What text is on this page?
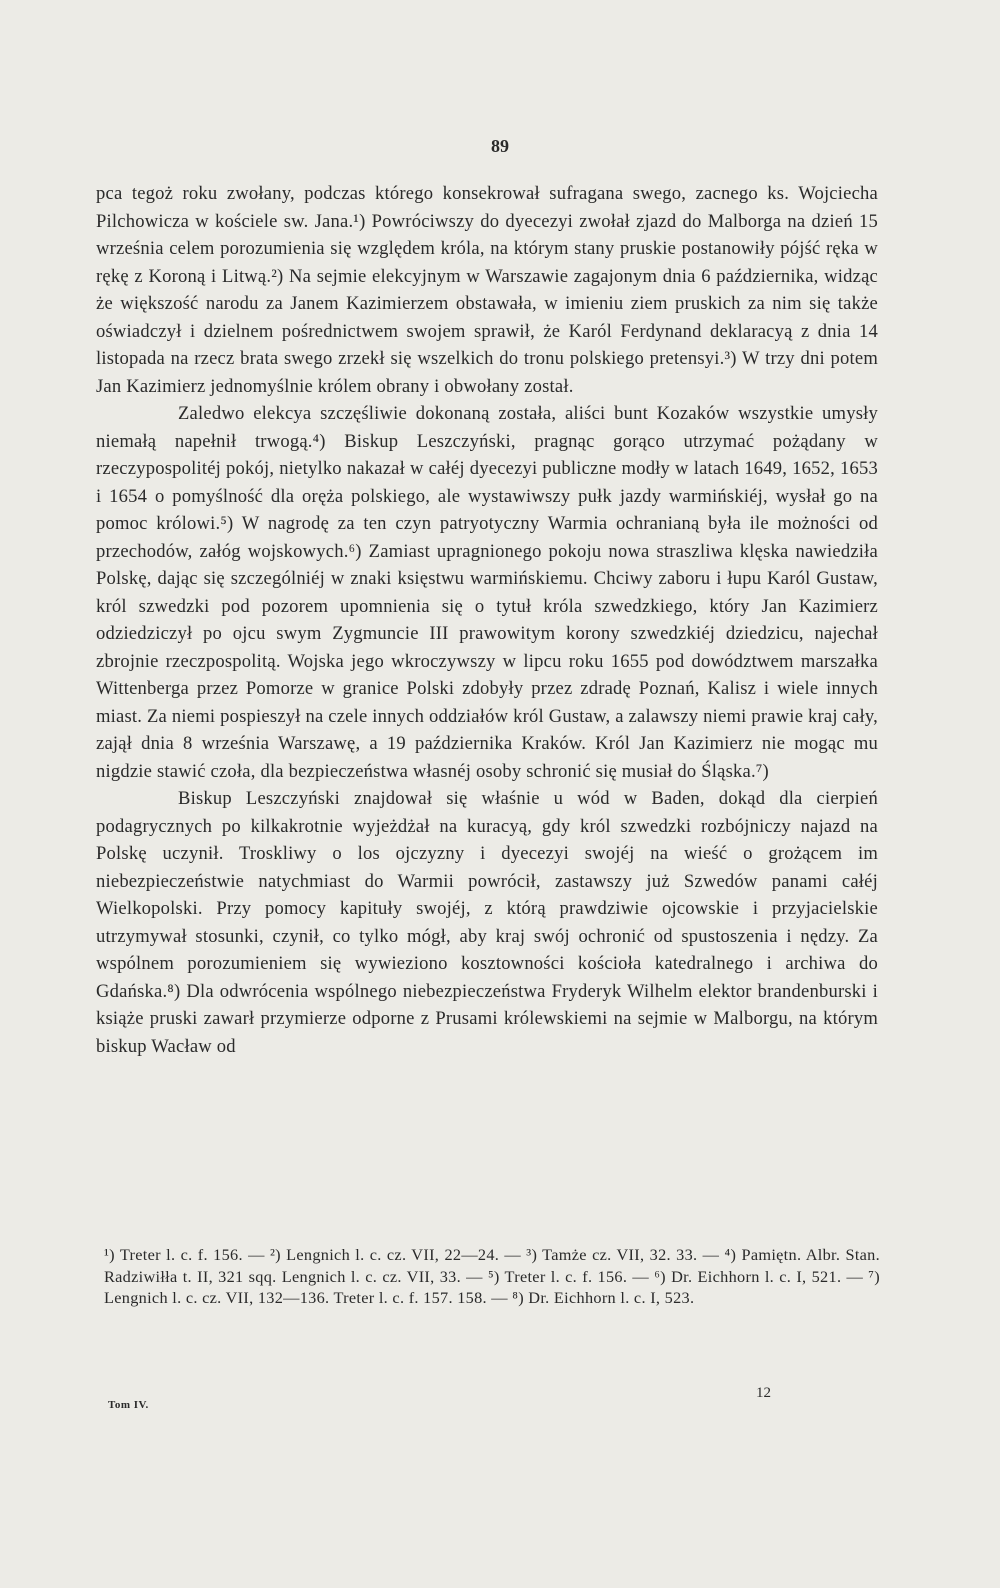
89

pca tegoż roku zwołany, podczas którego konsekrował sufragana swego, zacnego ks. Wojciecha Pilchowicza w kościele sw. Jana.¹) Powróciwszy do dyecezyi zwołał zjazd do Malborga na dzień 15 września celem porozumienia się względem króla, na którym stany pruskie postanowiły pójść ręka w rękę z Koroną i Litwą.²) Na sejmie elekcyjnym w Warszawie zagajonym dnia 6 października, widząc że większość narodu za Janem Kazimierzem obstawała, w imieniu ziem pruskich za nim się także oświadczył i dzielnem pośrednictwem swojem sprawił, że Karól Ferdynand deklaracyą z dnia 14 listopada na rzecz brata swego zrzekł się wszelkich do tronu polskiego pretensyi.³) W trzy dni potem Jan Kazimierz jednomyślnie królem obrany i obwołany został.

Zaledwo elekcya szczęśliwie dokonaną została, aliści bunt Kozaków wszystkie umysły niemałą napełnił trwogą.⁴) Biskup Leszczyński, pragnąc gorąco utrzymać pożądany w rzeczypospolitéj pokój, nietylko nakazał w całéj dyecezyi publiczne modły w latach 1649, 1652, 1653 i 1654 o pomyślność dla oręża polskiego, ale wystawiwszy pułk jazdy warmińskiéj, wysłał go na pomoc królowi.⁵) W nagrodę za ten czyn patryotyczny Warmia ochranianą była ile możności od przechodów, załóg wojskowych.⁶) Zamiast upragnionego pokoju nowa straszliwa klęska nawiedziła Polskę, dając się szczególniéj w znaki księstwu warmińskiemu. Chciwy zaboru i łupu Karól Gustaw, król szwedzki pod pozorem upomnienia się o tytuł króla szwedzkiego, który Jan Kazimierz odziedziczył po ojcu swym Zygmuncie III prawowitym korony szwedzkiéj dziedzicu, najechał zbrojnie rzeczpospolitą. Wojska jego wkroczywszy w lipcu roku 1655 pod dowództwem marszałka Wittenberga przez Pomorze w granice Polski zdobyły przez zdradę Poznań, Kalisz i wiele innych miast. Za niemi pospieszył na czele innych oddziałów król Gustaw, a zalawszy niemi prawie kraj cały, zajął dnia 8 września Warszawę, a 19 października Kraków. Król Jan Kazimierz nie mogąc mu nigdzie stawić czoła, dla bezpieczeństwa własnéj osoby schronić się musiał do Śląska.⁷)

Biskup Leszczyński znajdował się właśnie u wód w Baden, dokąd dla cierpień podagrycznych po kilkakrotnie wyjeżdżał na kuracyą, gdy król szwedzki rozbójniczy najazd na Polskę uczynił. Troskliwy o los ojczyzny i dyecezyi swojéj na wieść o grożącem im niebezpieczeństwie natychmiast do Warmii powrócił, zastawszy już Szwedów panami całéj Wielkopolski. Przy pomocy kapituły swojéj, z którą prawdziwie ojcowskie i przyjacielskie utrzymywał stosunki, czynił, co tylko mógł, aby kraj swój ochronić od spustoszenia i nędzy. Za wspólnem porozumieniem się wywieziono kosztowności kościoła katedralnego i archiwa do Gdańska.⁸) Dla odwrócenia wspólnego niebezpieczeństwa Fryderyk Wilhelm elektor brandenburski i książe pruski zawarł przymierze odporne z Prusami królewskiemi na sejmie w Malborgu, na którym biskup Wacław od

¹) Treter l. c. f. 156. — ²) Lengnich l. c. cz. VII, 22—24. — ³) Tamże cz. VII, 32. 33. — ⁴) Pamiętn. Albr. Stan. Radziwiłła t. II, 321 sqq. Lengnich l. c. cz. VII, 33. — ⁵) Treter l. c. f. 156. — ⁶) Dr. Eichhorn l. c. I, 521. — ⁷) Lengnich l. c. cz. VII, 132—136. Treter l. c. f. 157. 158. — ⁸) Dr. Eichhorn l. c. I, 523.
Tom IV.
12
